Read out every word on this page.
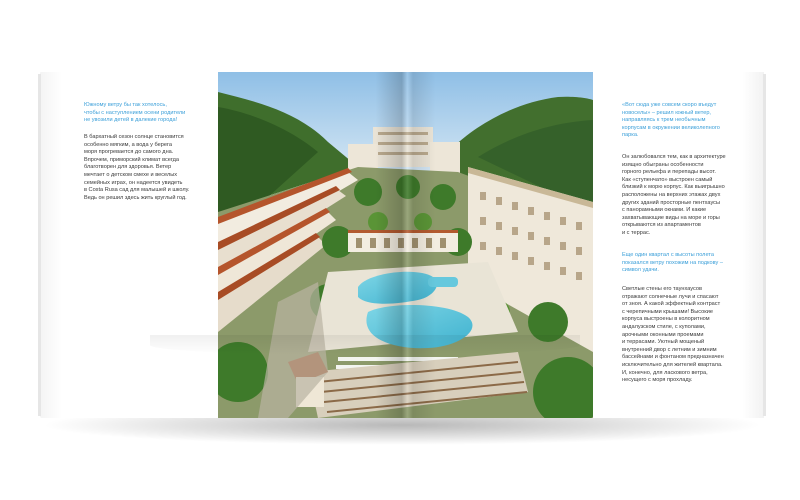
Южному ветру бы так хотелось,
чтобы с наступлением осени родители
не увозили детей в далекие города!
В бархатный сезон солнце становится
особенно мягким, а вода у берега
моря прогревается до самого дна.
Впрочем, приморский климат всегда
благотворен для здоровья. Ветер
мечтает о детском смехе и веселых
семейных играх, он надеется увидеть
в Costa Rusa сад для малышей и школу.
Ведь он решил здесь жить круглый год.
«Вот сюда уже совсем скоро въедут
новоселы» – решил южный ветер,
направляясь к трем необычным
корпусам в окружении великолепного
парка.
Он залюбовался тем, как в архитектуре
изящно обыграны особенности
горного рельефа и перепады высот.
Как «ступенчато» выстроен самый
близкий к морю корпус. Как выигрышно
расположены на верхних этажах двух
других зданий просторные пентхаусы
с панорамными окнами. И какие
захватывающие виды на море и горы
открываются из апартаментов
и с террас.
Еще один квартал с высоты полета
показался ветру похожим на подкову –
символ удачи.
Светлые стены его таунхаусов
отражают солнечные лучи и спасают
от зноя. А какой эффектный контраст
с черепичными крышами! Высокие
корпуса выстроены в колоритном
андалузском стиле, с куполами,
арочными оконными проемами
и террасами. Уютный мощеный
внутренний двор с летним и зимним
бассейнами и фонтаном предназначен
исключительно для жителей квартала.
И, конечно, для ласкового ветра,
несущего с моря прохладу.
